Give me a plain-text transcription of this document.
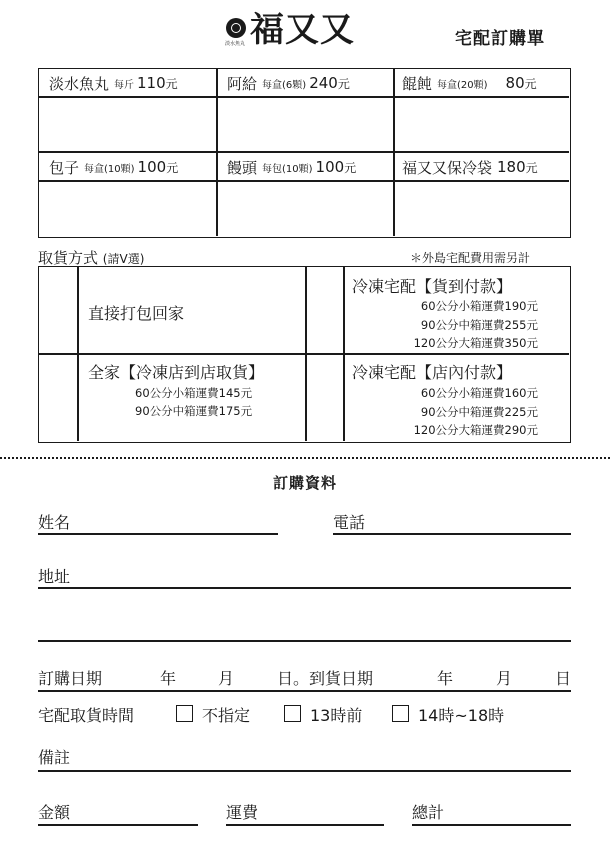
淡水魚丸 福又又	宅配訂購單
淡水魚丸 每斤 110 元	阿給 每盒(6顆) 240 元	餛飩 每盒(20顆) 80 元
包子 每盒(10顆) 100 元	饅頭 每包(10顆) 100 元	福又又保冷袋 180 元
取貨方式 (請V選)	＊外島宅配費用需另計
直接打包回家
冷凍宅配【貨到付款】
60公分小箱運費190元
90公分中箱運費255元
120公分大箱運費350元
全家【冷凍店到店取貨】
60公分小箱運費145元
90公分中箱運費175元
冷凍宅配【店內付款】
60公分小箱運費160元
90公分中箱運費225元
120公分大箱運費290元
訂購資料
姓名	電話
地址
訂購日期	年	月	日。到貨日期	年	月	日
宅配取貨時間	不指定	13時前	14時~18時
備註
金額	運費	總計
